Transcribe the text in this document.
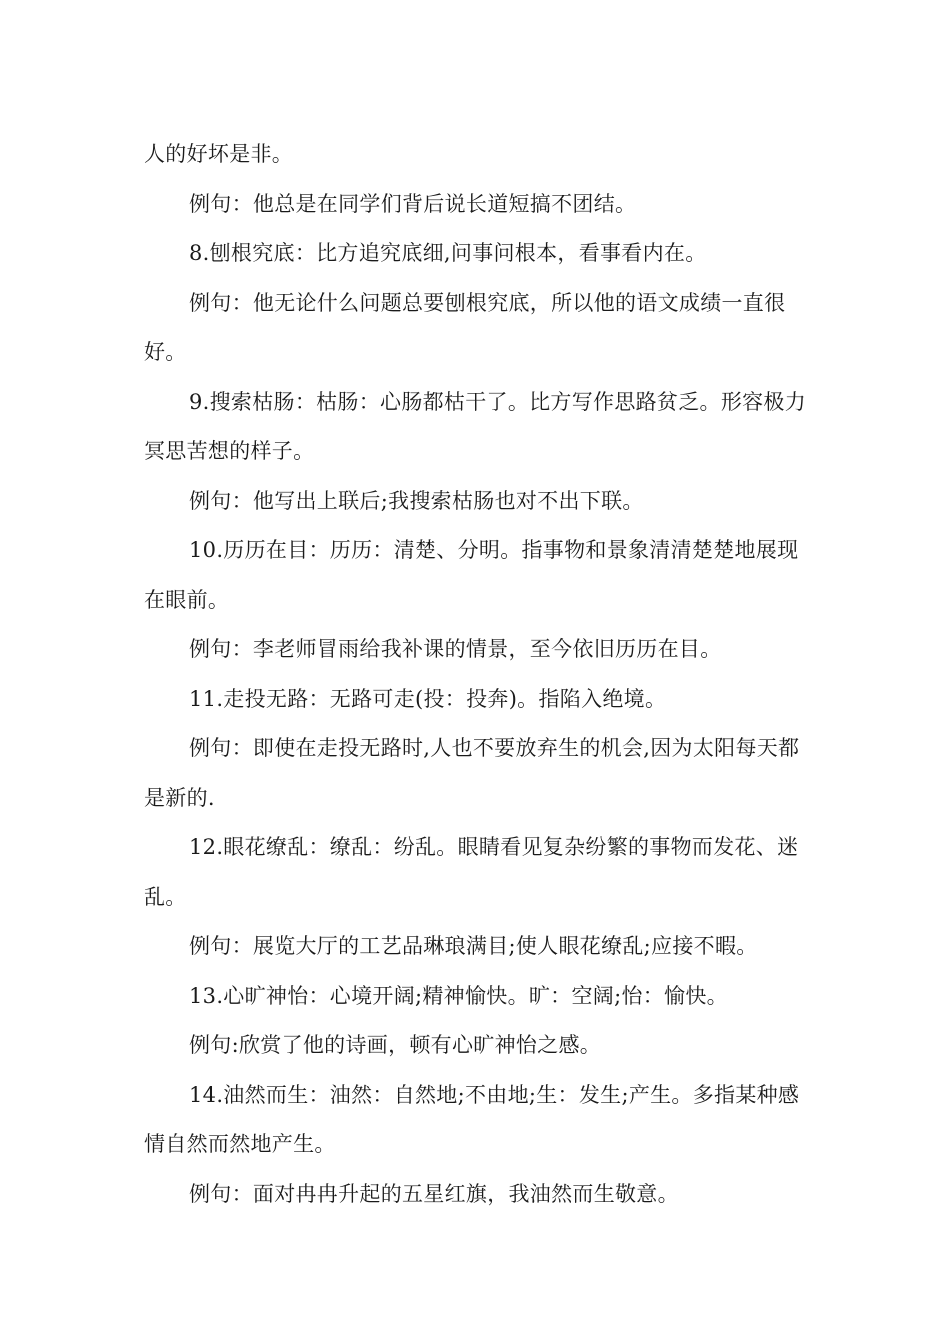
人的好坏是非。

例句：他总是在同学们背后说长道短搞不团结。

8.刨根究底：比方追究底细,问事问根本，看事看内在。

例句：他无论什么问题总要刨根究底，所以他的语文成绩一直很好。

9.搜索枯肠：枯肠：心肠都枯干了。比方写作思路贫乏。形容极力冥思苦想的样子。

例句：他写出上联后;我搜索枯肠也对不出下联。

10.历历在目：历历：清楚、分明。指事物和景象清清楚楚地展现在眼前。

例句：李老师冒雨给我补课的情景，至今依旧历历在目。

11.走投无路：无路可走(投：投奔)。指陷入绝境。

例句：即使在走投无路时,人也不要放弃生的机会,因为太阳每天都是新的.

12.眼花缭乱：缭乱：纷乱。眼睛看见复杂纷繁的事物而发花、迷乱。

例句：展览大厅的工艺品琳琅满目;使人眼花缭乱;应接不暇。

13.心旷神怡：心境开阔;精神愉快。旷：空阔;怡：愉快。

例句:欣赏了他的诗画，顿有心旷神怡之感。

14.油然而生：油然：自然地;不由地;生：发生;产生。多指某种感情自然而然地产生。

例句：面对冉冉升起的五星红旗，我油然而生敬意。
